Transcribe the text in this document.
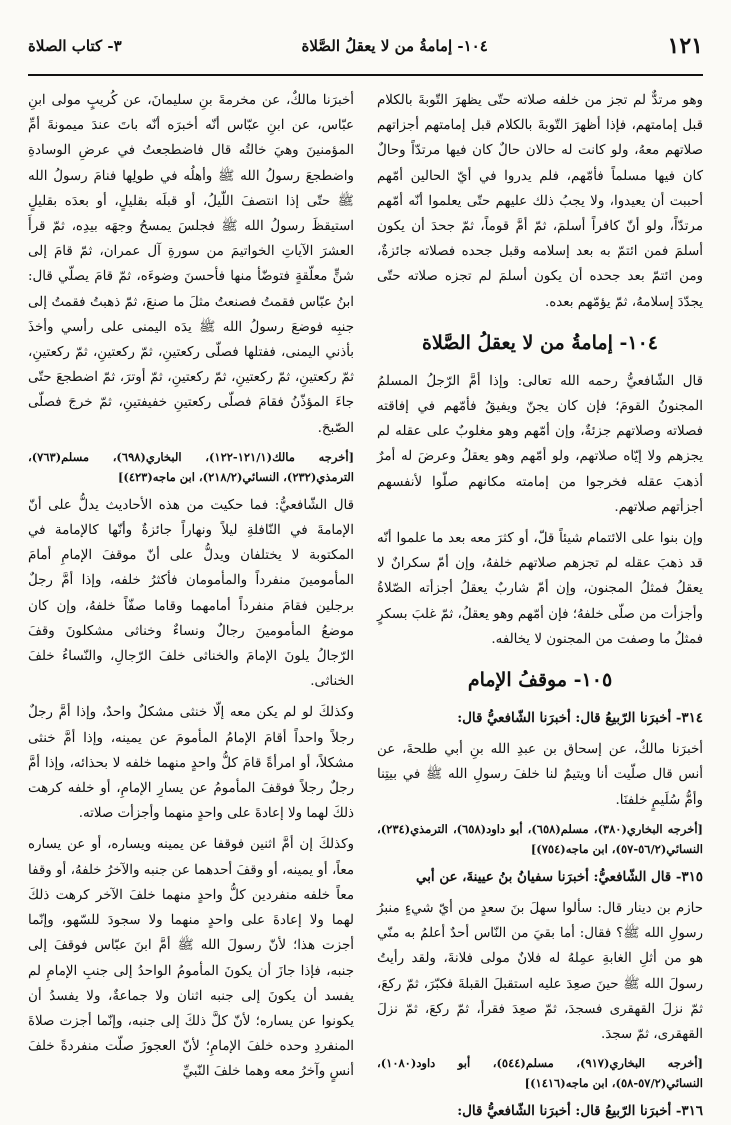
١٢١
١٠٤- إمامةُ من لا يعقلُ الصَّلاة
٣- كتاب الصلاة

وهو مرتدٌّ لم تجز من خلفه صلاته حتّى يظهرَ التّوبةَ بالكلام قبل إمامتهم، فإذا أظهرَ التّوبةَ بالكلام قبل إمامتهم أجزاتهم صلاتهم معهُ، ولو كانت له حالان حالٌ كان فيها مرتدّاً وحالٌ كان فيها مسلماً فأمّهم، فلم يدروا في أيّ الحالين أمّهم أحببت أن يعيدوا، ولا يجبُ ذلك عليهم حتّى يعلموا أنّه أمّهم مرتدّاً، ولو أنّ كافراً أسلمَ، ثمّ أمَّ قوماً، ثمّ جحدَ أن يكون أسلمَ فمن ائتمّ به بعد إسلامه وقبل جحده فصلاته جائزةٌ، ومن ائتمّ بعد جحده أن يكون أسلمَ لم تجزه صلاته حتّى يجدّدَ إسلامهُ، ثمّ يؤمّهم بعده.

١٠٤- إمامةُ من لا يعقلُ الصَّلاة

قال الشّافعيُّ رحمه الله تعالى: وإذا أمَّ الرّجلُ المسلمُ المجنونُ القومَ؛ فإن كان يجنّ ويفيقُ فأمّهم في إفاقته فصلاته وصلاتهم جزئةٌ، وإن أمّهم وهو مغلوبٌ على عقله لم يجزهم ولا إيّاه صلاتهم، ولو أمّهم وهو يعقلُ وعرضَ له أمرٌ أذهبَ عقله فخرجوا من إمامته مكانهم صلّوا لأنفسهم أجزأتهم صلاتهم.

وإن بنوا على الائتمام شيئاً قلّ، أو كثرَ معه بعد ما علموا أنّه قد ذهبَ عقله لم تجزهم صلاتهم خلفهُ، وإن أمّ سكرانٌ لا يعقلُ فمثلُ المجنون، وإن أمّ شاربٌ يعقلُ أجزأته الصّلاةُ وأجزأت من صلّى خلفهُ؛ فإن أمّهم وهو يعقلُ، ثمّ غلبَ بسكرٍ فمثلُ ما وصفت من المجنون لا يخالفه.

١٠٥- موقفُ الإمام

٣١٤- أخبرَنا الرّبيعُ قال: أخبرَنا الشّافعيُّ قال:

أخبرَنا مالكٌ، عن إسحاق بن عبدِ الله بنِ أبي طلحةَ، عن أنس قال صلّيت أنا ويتيمٌ لنا خلفَ رسولِ الله ﷺ في بيتِنا وأمُّ سُلَيمٍ خلفنَا.

[أخرجه البخاري(٣٨٠)، مسلم(٦٥٨)، أبو داود(٦٥٨)، الترمذي(٢٣٤)، النسائي(٥٦/٢-٥٧)، ابن ماجه(٧٥٤)]

٣١٥- قال الشّافعيُّ: أخبرَنا سفيانُ بنُ عيينةَ، عن أبي

حازم بن دينار قال: سألوا سهلَ بنَ سعدٍ من أيّ شيءٍ منبرُ رسولِ الله ﷺ؟ فقال: أما بقيَ من النّاس أحدٌ أعلمُ به منّي هو من أثلِ الغابةِ عمِلهُ له فلانٌ مولى فلانةَ، ولقد رأيتُ رسولَ الله ﷺ حينَ صعِدَ عليه استقبلَ القبلةَ فكبّرَ، ثمّ ركعَ، ثمّ نزلَ القهقرى فسجدَ، ثمّ صعِدَ فقرأ، ثمّ ركعَ، ثمّ نزلَ القهقرى، ثمّ سجدَ.

[أخرجه البخاري(٩١٧)، مسلم(٥٤٤)، أبو داود(١٠٨٠)، النسائي(٥٧/٢-٥٨)، ابن ماجه(١٤١٦)]

٣١٦- أخبرَنا الرّبيعُ قال: أخبرَنا الشّافعيُّ قال:

أخبرَنا مالكٌ، عن مخرمةَ بنِ سليمانَ، عن كُريبٍ مولى ابنِ عبّاس، عن ابنِ عبّاس أنّه أخبرَه أنّه باتَ عندَ ميمونةَ أمِّ المؤمنينَ وهيَ خالتُه قال فاضطجعتُ في عرضِ الوسادةِ واضطجعَ رسولُ الله ﷺ وأهلُه في طولِها فنامَ رسولُ الله ﷺ حتّى إذا انتصفَ اللّيلُ، أو قبلَه بقليلٍ، أو بعدَه بقليلٍ استيقظَ رسولُ الله ﷺ فجلسَ يمسحُ وجهَه بيدِه، ثمّ قرأَ العشرَ الآياتِ الخواتيمَ من سورةِ آل عمران، ثمّ قامَ إلى شنٍّ معلّقةٍ فتوضّأ منها فأحسنَ وضوءَه، ثمّ قامَ يصلّي قال: ابنُ عبّاس فقمتُ فصنعتُ مثلَ ما صنعَ، ثمّ ذهبتُ فقمتُ إلى جنبِه فوضعَ رسولُ الله ﷺ يدَه اليمنى على رأسي وأخذَ بأذني اليمنى، ففتلها فصلّى ركعتينِ، ثمّ ركعتينِ، ثمّ ركعتينِ، ثمّ ركعتينِ، ثمّ ركعتينِ، ثمّ ركعتينِ، ثمّ أوترَ، ثمّ اضطجعَ حتّى جاءَ المؤذّنُ فقامَ فصلّى ركعتينِ خفيفتينِ، ثمّ خرجَ فصلّى الصّبحَ.

[أخرجه مالك(١٢١/١-١٢٢)، البخاري(٦٩٨)، مسلم(٧٦٣)، الترمذي(٢٣٢)، النسائي(٢١٨/٢)، ابن ماجه(٤٢٣)]

قال الشّافعيُّ: فما حكيت من هذه الأحاديث يدلُّ على أنّ الإمامةَ في النّافلةِ ليلاً ونهاراً جائزةٌ وأنّها كالإمامة في المكتوبة لا يختلفان ويدلُّ على أنّ موقفَ الإمامِ أمامَ المأمومينَ منفرداً والمأمومان فأكثرُ خلفه، وإذا أمَّ رجلٌ برجلين فقامَ منفرداً أمامهما وقاما صفّاً خلفهُ، وإن كان موضعُ المأمومينَ رجالٌ ونساءٌ وخناثى مشكلونَ وقفَ الرّجالُ يلونَ الإمامَ والخناثى خلفَ الرّجالِ، والنّساءُ خلفَ الخناثى.

وكذلكَ لو لم يكن معه إلّا خنثى مشكلٌ واحدٌ، وإذا أمَّ رجلٌ رجلاً واحداً أقامَ الإمامُ المأمومَ عن يمينه، وإذا أمَّ خنثى مشكلاً، أو امرأةً قامَ كلُّ واحدٍ منهما خلفه لا بحذائه، وإذا أمَّ رجلٌ رجلاً فوقفَ المأمومُ عن يسارِ الإمامِ، أو خلفه كرهت ذلكَ لهما ولا إعادةَ على واحدٍ منهما وأجزأت صلاته.

وكذلكَ إن أمَّ اثنين فوقفا عن يمينه ويساره، أو عن يساره معاً، أو يمينه، أو وقفَ أحدهما عن جنبه والآخرُ خلفهُ، أو وقفا معاً خلفه منفردين كلُّ واحدٍ منهما خلفَ الآخر كرهت ذلكَ لهما ولا إعادةَ على واحدٍ منهما ولا سجودَ للسّهو، وإنّما أجزت هذا؛ لأنّ رسولَ الله ﷺ أمَّ ابنَ عبّاس فوقفَ إلى جنبه، فإذا جازَ أن يكونَ المأمومُ الواحدُ إلى جنبِ الإمامِ لم يفسد أن يكونَ إلى جنبه اثنان ولا جماعةٌ، ولا يفسدُ أن يكونوا عن يساره؛ لأنّ كلَّ ذلكَ إلى جنبه، وإنّما أجزت صلاةَ المنفردِ وحده خلفَ الإمامِ؛ لأنّ العجوزَ صلّت منفردةً خلفَ أنسٍ وآخرُ معه وهما خلفَ النّبيِّ
